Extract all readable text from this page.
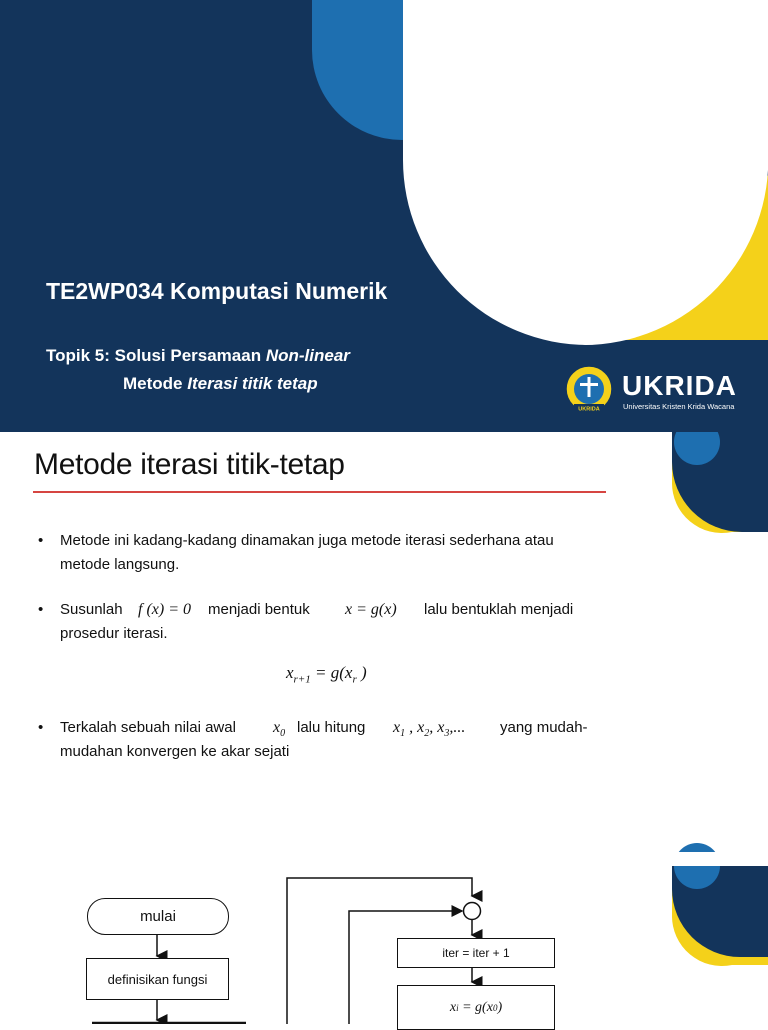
TE2WP034 Komputasi Numerik
Topik 5: Solusi Persamaan Non-linear
Metode Iterasi titik tetap
UKRIDA
UKRIDA
Universitas Kristen Krida Wacana
Metode iterasi titik-tetap
• Metode ini kadang-kadang dinamakan juga metode iterasi sederhana atau
metode langsung.
• Susunlah f (x) = 0 menjadi bentuk x = g(x) lalu bentuklah menjadi
prosedur iterasi.
$x_{r+1} = g(x_r$ )
• Terkalah sebuah nilai awal $x_0$ lalu hitung $x_1$ , $x_2$, $x_3$,... yang mudah-
mudahan konvergen ke akar sejati
mulai
definisikan fungsi
iter = iter + 1
x i = g(x 0 )
